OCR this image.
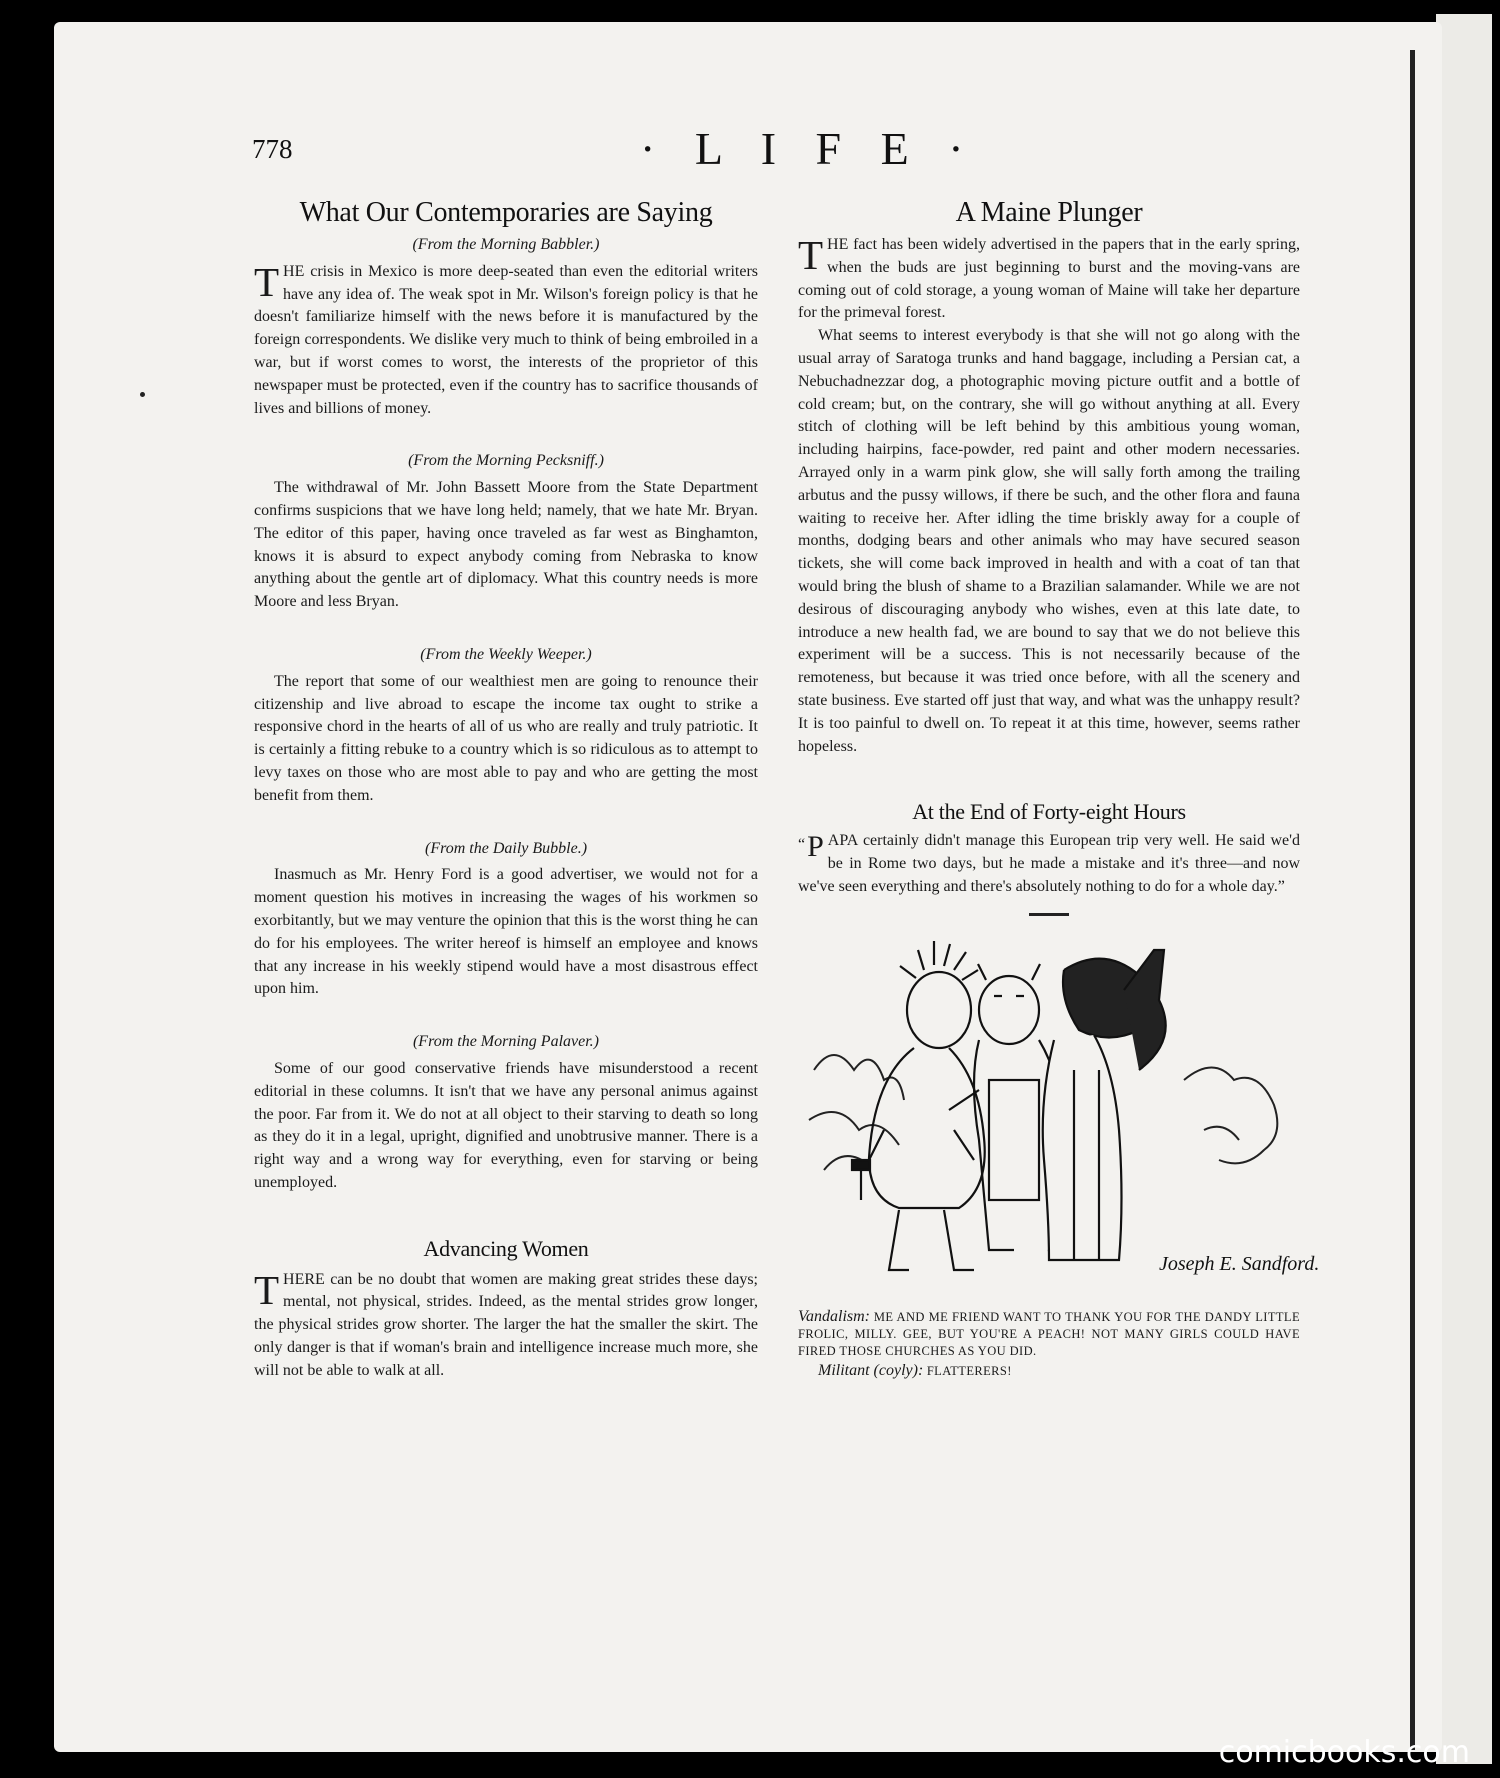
778	· L I F E ·
What Our Contemporaries are Saying
(From the Morning Babbler.)

THE crisis in Mexico is more deep-seated than even the editorial writers have any idea of. The weak spot in Mr. Wilson's foreign policy is that he doesn't familiarize himself with the news before it is manufactured by the foreign correspondents. We dislike very much to think of being embroiled in a war, but if worst comes to worst, the interests of the proprietor of this newspaper must be protected, even if the country has to sacrifice thousands of lives and billions of money.

(From the Morning Pecksniff.)

The withdrawal of Mr. John Bassett Moore from the State Department confirms suspicions that we have long held; namely, that we hate Mr. Bryan. The editor of this paper, having once traveled as far west as Binghamton, knows it is absurd to expect anybody coming from Nebraska to know anything about the gentle art of diplomacy. What this country needs is more Moore and less Bryan.

(From the Weekly Weeper.)

The report that some of our wealthiest men are going to renounce their citizenship and live abroad to escape the income tax ought to strike a responsive chord in the hearts of all of us who are really and truly patriotic. It is certainly a fitting rebuke to a country which is so ridiculous as to attempt to levy taxes on those who are most able to pay and who are getting the most benefit from them.

(From the Daily Bubble.)

Inasmuch as Mr. Henry Ford is a good advertiser, we would not for a moment question his motives in increasing the wages of his workmen so exorbitantly, but we may venture the opinion that this is the worst thing he can do for his employees. The writer hereof is himself an employee and knows that any increase in his weekly stipend would have a most disastrous effect upon him.

(From the Morning Palaver.)

Some of our good conservative friends have misunderstood a recent editorial in these columns. It isn't that we have any personal animus against the poor. Far from it. We do not at all object to their starving to death so long as they do it in a legal, upright, dignified and unobtrusive manner. There is a right way and a wrong way for everything, even for starving or being unemployed.

Advancing Women

THERE can be no doubt that women are making great strides these days; mental, not physical, strides. Indeed, as the mental strides grow longer, the physical strides grow shorter. The larger the hat the smaller the skirt. The only danger is that if woman's brain and intelligence increase much more, she will not be able to walk at all.

A Maine Plunger

THE fact has been widely advertised in the papers that in the early spring, when the buds are just beginning to burst and the moving-vans are coming out of cold storage, a young woman of Maine will take her departure for the primeval forest.

What seems to interest everybody is that she will not go along with the usual array of Saratoga trunks and hand baggage, including a Persian cat, a Nebuchadnezzar dog, a photographic moving picture outfit and a bottle of cold cream; but, on the contrary, she will go without anything at all. Every stitch of clothing will be left behind by this ambitious young woman, including hairpins, face-powder, red paint and other modern necessaries. Arrayed only in a warm pink glow, she will sally forth among the trailing arbutus and the pussy willows, if there be such, and the other flora and fauna waiting to receive her. After idling the time briskly away for a couple of months, dodging bears and other animals who may have secured season tickets, she will come back improved in health and with a coat of tan that would bring the blush of shame to a Brazilian salamander. While we are not desirous of discouraging anybody who wishes, even at this late date, to introduce a new health fad, we are bound to say that we do not believe this experiment will be a success. This is not necessarily because of the remoteness, but because it was tried once before, with all the scenery and state business. Eve started off just that way, and what was the unhappy result? It is too painful to dwell on. To repeat it at this time, however, seems rather hopeless.

At the End of Forty-eight Hours

“ P APA certainly didn't manage this European trip very well. He said we'd be in Rome two days, but he made a mistake and it's three—and now we've seen everything and there's absolutely nothing to do for a whole day.”

Joseph E. Sandford.

Vandalism: ME AND ME FRIEND WANT TO THANK YOU FOR THE DANDY LITTLE FROLIC, MILLY. GEE, BUT YOU'RE A PEACH! NOT MANY GIRLS COULD HAVE FIRED THOSE CHURCHES AS YOU DID.

Militant (coyly): FLATTERERS!

comicbooks.com
